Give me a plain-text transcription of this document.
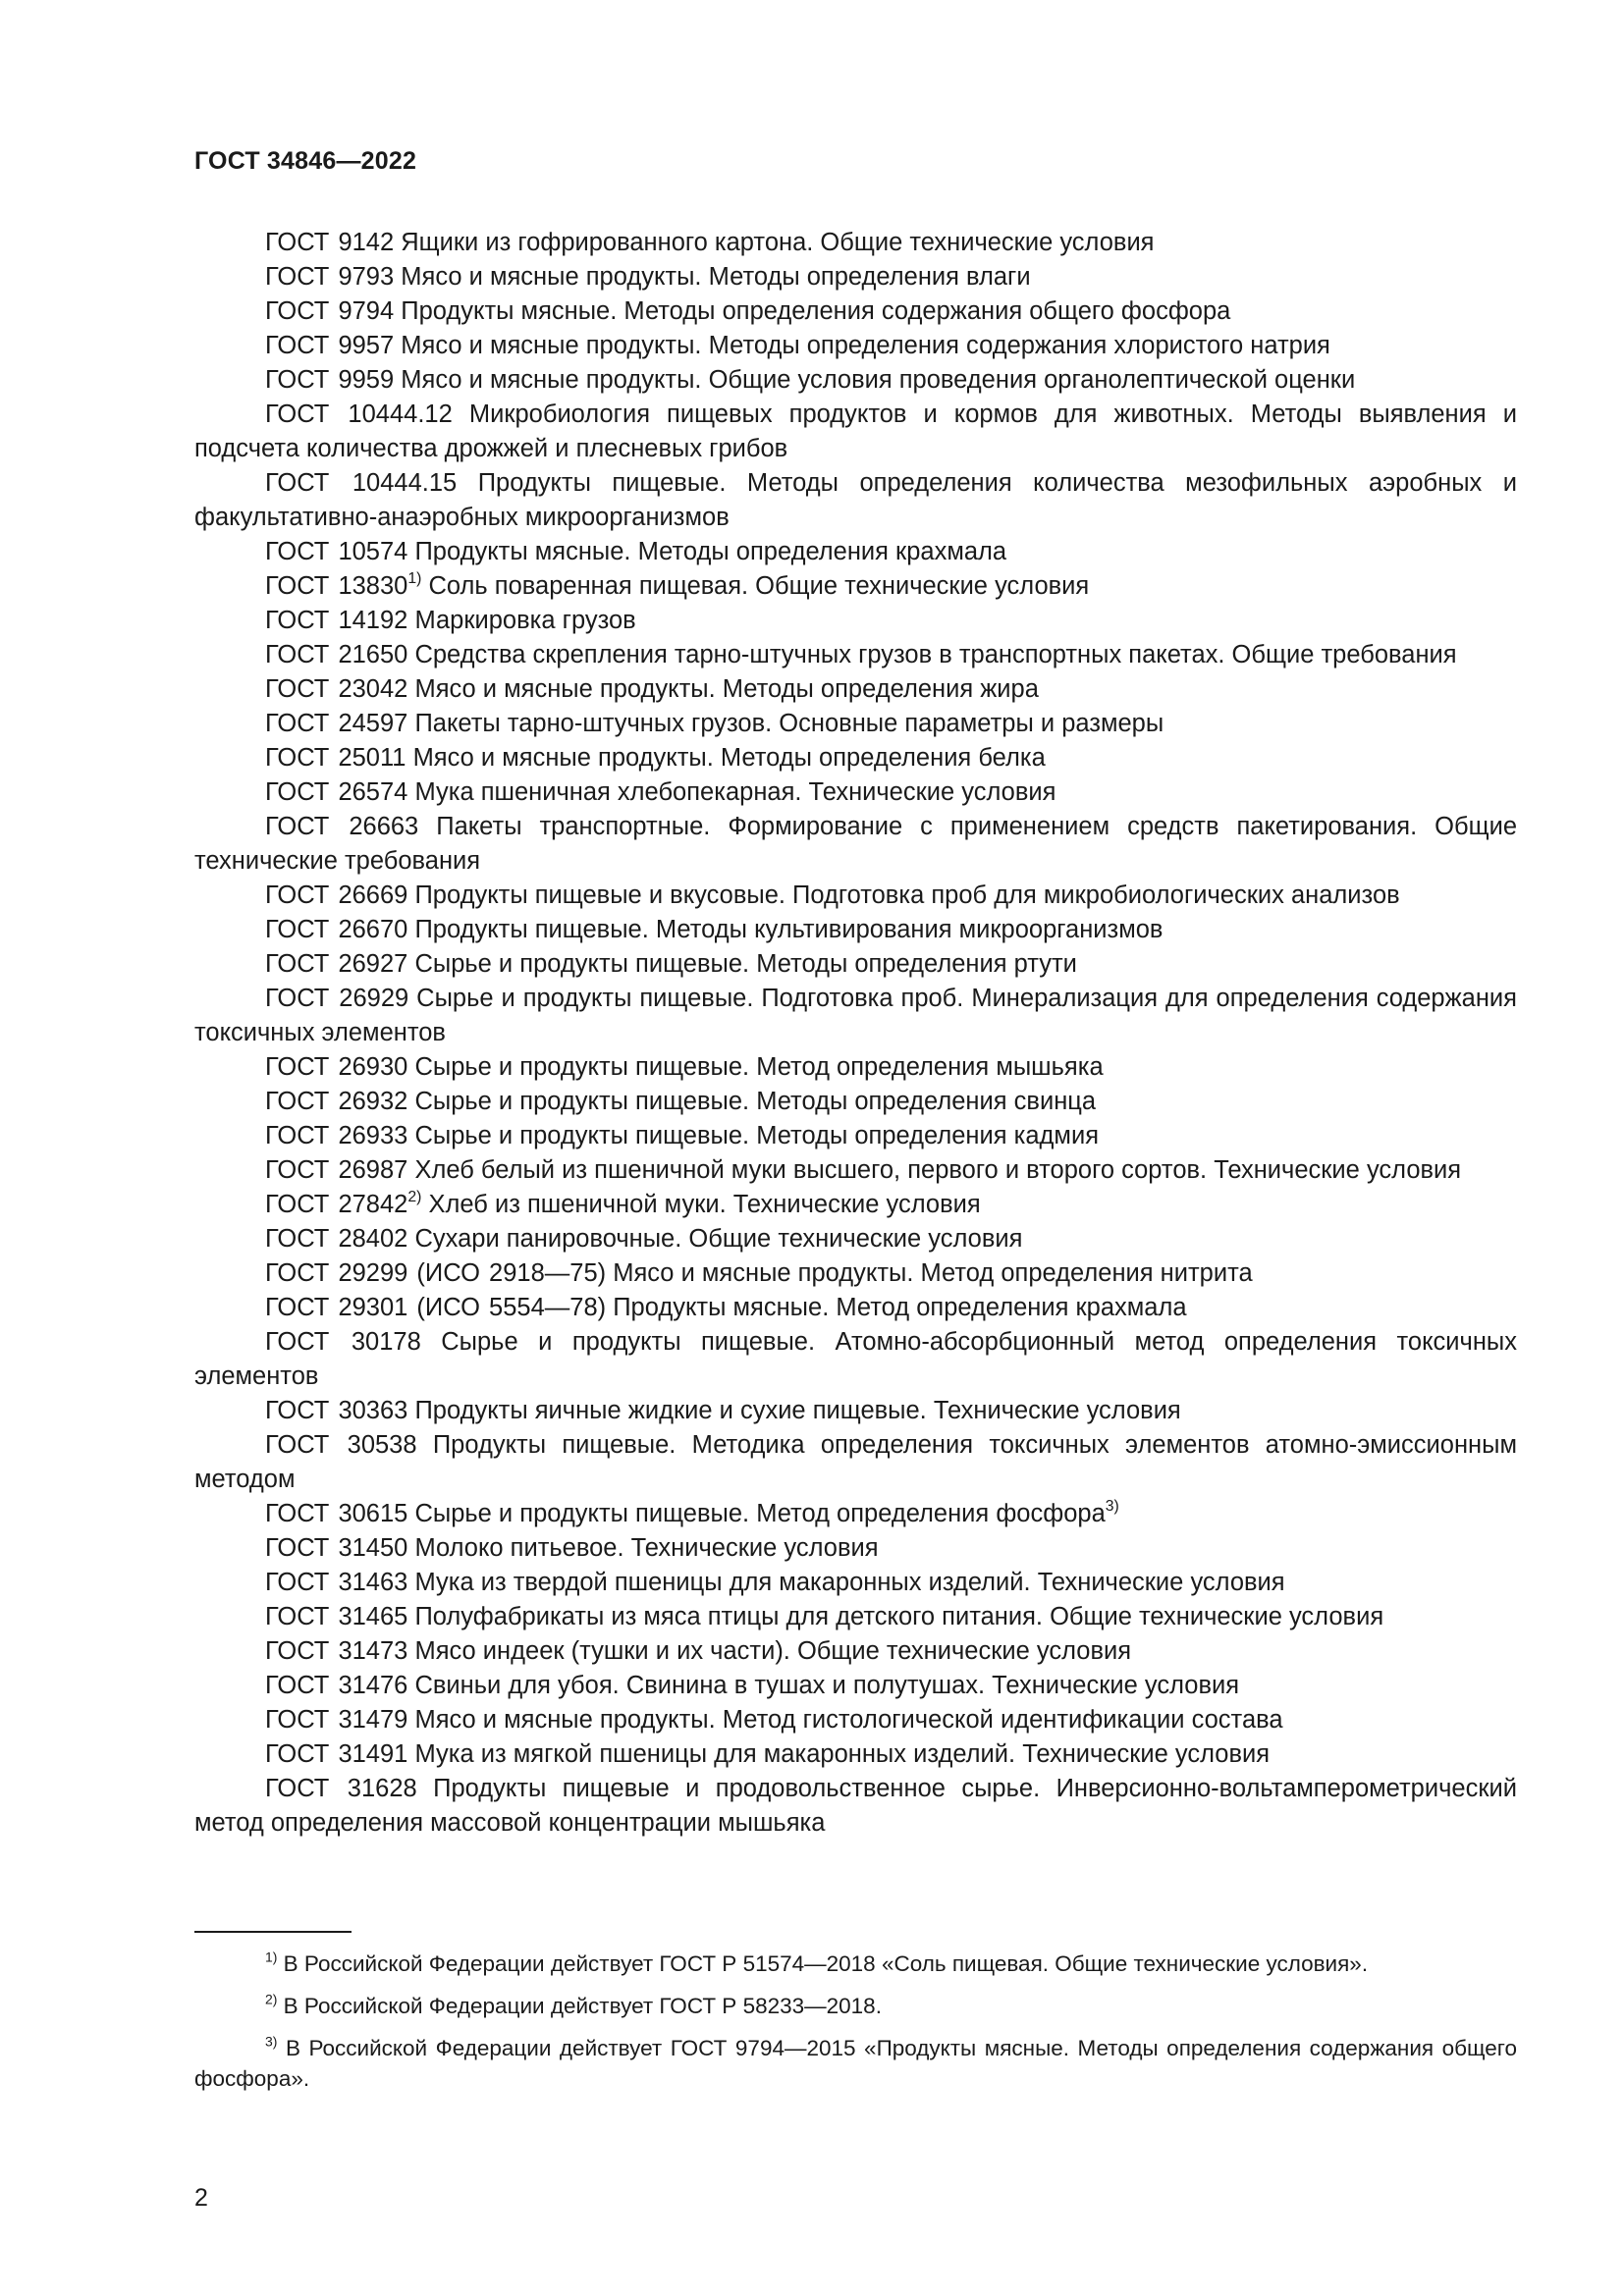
ГОСТ 34846—2022
ГОСТ 9142 Ящики из гофрированного картона. Общие технические условия
ГОСТ 9793 Мясо и мясные продукты. Методы определения влаги
ГОСТ 9794 Продукты мясные. Методы определения содержания общего фосфора
ГОСТ 9957 Мясо и мясные продукты. Методы определения содержания хлористого натрия
ГОСТ 9959 Мясо и мясные продукты. Общие условия проведения органолептической оценки
ГОСТ 10444.12 Микробиология пищевых продуктов и кормов для животных. Методы выявления и подсчета количества дрожжей и плесневых грибов
ГОСТ 10444.15 Продукты пищевые. Методы определения количества мезофильных аэробных и факультативно-анаэробных микроорганизмов
ГОСТ 10574 Продукты мясные. Методы определения крахмала
ГОСТ 13830$^{1)}$ Соль поваренная пищевая. Общие технические условия
ГОСТ 14192 Маркировка грузов
ГОСТ 21650 Средства скрепления тарно-штучных грузов в транспортных пакетах. Общие требования
ГОСТ 23042 Мясо и мясные продукты. Методы определения жира
ГОСТ 24597 Пакеты тарно-штучных грузов. Основные параметры и размеры
ГОСТ 25011 Мясо и мясные продукты. Методы определения белка
ГОСТ 26574 Мука пшеничная хлебопекарная. Технические условия
ГОСТ 26663 Пакеты транспортные. Формирование с применением средств пакетирования. Общие технические требования
ГОСТ 26669 Продукты пищевые и вкусовые. Подготовка проб для микробиологических анализов
ГОСТ 26670 Продукты пищевые. Методы культивирования микроорганизмов
ГОСТ 26927 Сырье и продукты пищевые. Методы определения ртути
ГОСТ 26929 Сырье и продукты пищевые. Подготовка проб. Минерализация для определения содержания токсичных элементов
ГОСТ 26930 Сырье и продукты пищевые. Метод определения мышьяка
ГОСТ 26932 Сырье и продукты пищевые. Методы определения свинца
ГОСТ 26933 Сырье и продукты пищевые. Методы определения кадмия
ГОСТ 26987 Хлеб белый из пшеничной муки высшего, первого и второго сортов. Технические условия
ГОСТ 27842$^{2)}$ Хлеб из пшеничной муки. Технические условия
ГОСТ 28402 Сухари панировочные. Общие технические условия
ГОСТ 29299 (ИСО 2918—75) Мясо и мясные продукты. Метод определения нитрита
ГОСТ 29301 (ИСО 5554—78) Продукты мясные. Метод определения крахмала
ГОСТ 30178 Сырье и продукты пищевые. Атомно-абсорбционный метод определения токсичных элементов
ГОСТ 30363 Продукты яичные жидкие и сухие пищевые. Технические условия
ГОСТ 30538 Продукты пищевые. Методика определения токсичных элементов атомно-эмиссионным методом
ГОСТ 30615 Сырье и продукты пищевые. Метод определения фосфора$^{3)}$
ГОСТ 31450 Молоко питьевое. Технические условия
ГОСТ 31463 Мука из твердой пшеницы для макаронных изделий. Технические условия
ГОСТ 31465 Полуфабрикаты из мяса птицы для детского питания. Общие технические условия
ГОСТ 31473 Мясо индеек (тушки и их части). Общие технические условия
ГОСТ 31476 Свиньи для убоя. Свинина в тушах и полутушах. Технические условия
ГОСТ 31479 Мясо и мясные продукты. Метод гистологической идентификации состава
ГОСТ 31491 Мука из мягкой пшеницы для макаронных изделий. Технические условия
ГОСТ 31628 Продукты пищевые и продовольственное сырье. Инверсионно-вольтамперометрический метод определения массовой концентрации мышьяка
$^{1)}$ В Российской Федерации действует ГОСТ Р 51574—2018 «Соль пищевая. Общие технические условия».
$^{2)}$ В Российской Федерации действует ГОСТ Р 58233—2018.
$^{3)}$ В Российской Федерации действует ГОСТ 9794—2015 «Продукты мясные. Методы определения содержания общего фосфора».
2
